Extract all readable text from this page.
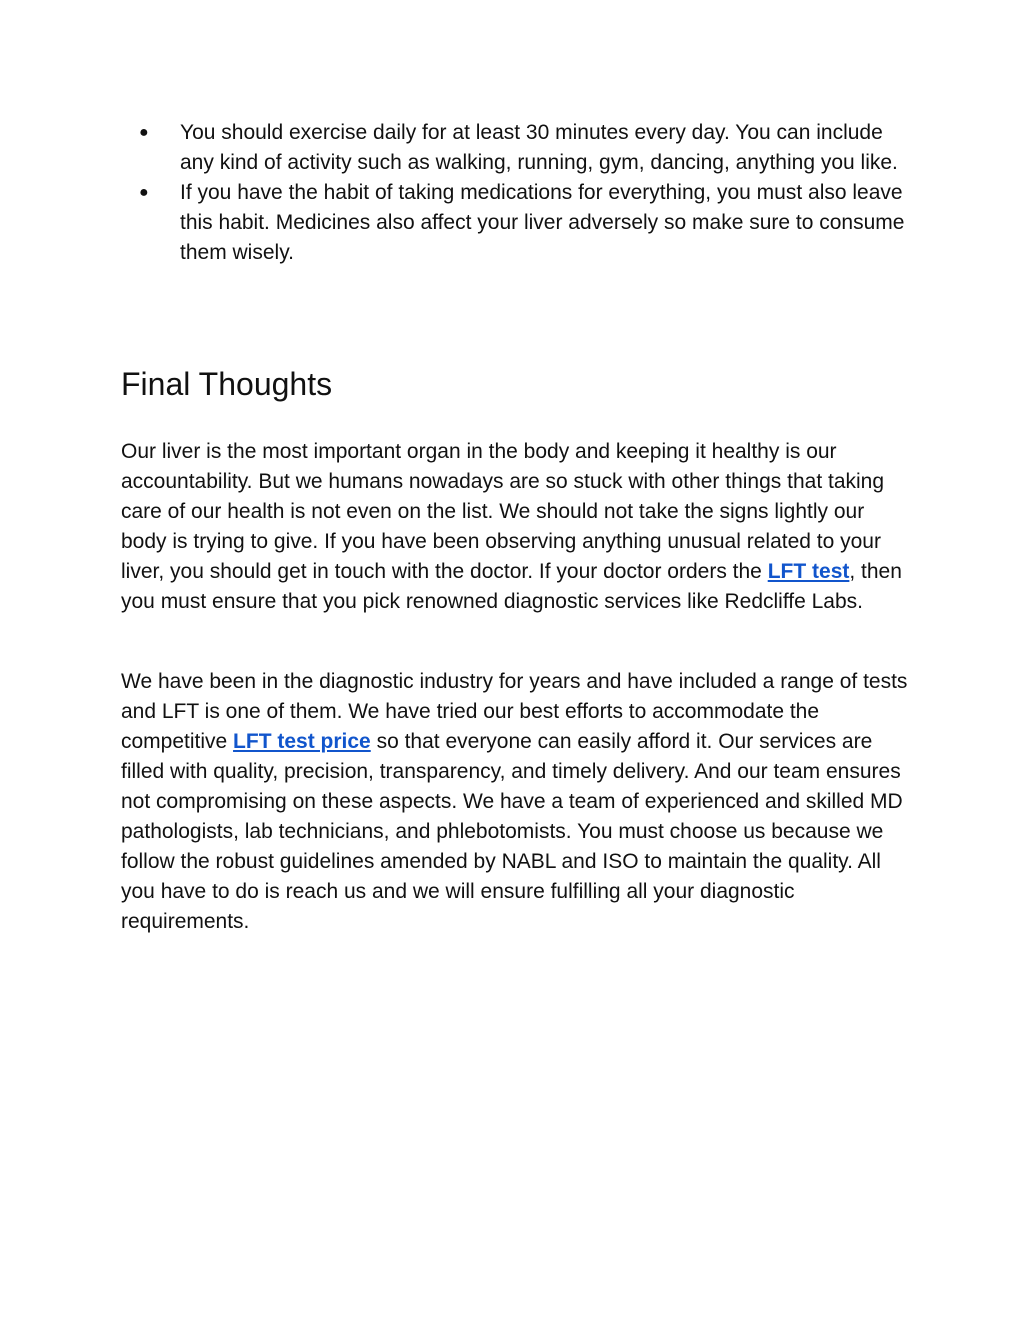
● You should exercise daily for at least 30 minutes every day. You can include any kind of activity such as walking, running, gym, dancing, anything you like.
● If you have the habit of taking medications for everything, you must also leave this habit. Medicines also affect your liver adversely so make sure to consume them wisely.
Final Thoughts

Our liver is the most important organ in the body and keeping it healthy is our accountability. But we humans nowadays are so stuck with other things that taking care of our health is not even on the list. We should not take the signs lightly our body is trying to give. If you have been observing anything unusual related to your liver, you should get in touch with the doctor. If your doctor orders the LFT test, then you must ensure that you pick renowned diagnostic services like Redcliffe Labs.

We have been in the diagnostic industry for years and have included a range of tests and LFT is one of them. We have tried our best efforts to accommodate the competitive LFT test price so that everyone can easily afford it. Our services are filled with quality, precision, transparency, and timely delivery. And our team ensures not compromising on these aspects. We have a team of experienced and skilled MD pathologists, lab technicians, and phlebotomists. You must choose us because we follow the robust guidelines amended by NABL and ISO to maintain the quality. All you have to do is reach us and we will ensure fulfilling all your diagnostic requirements.
